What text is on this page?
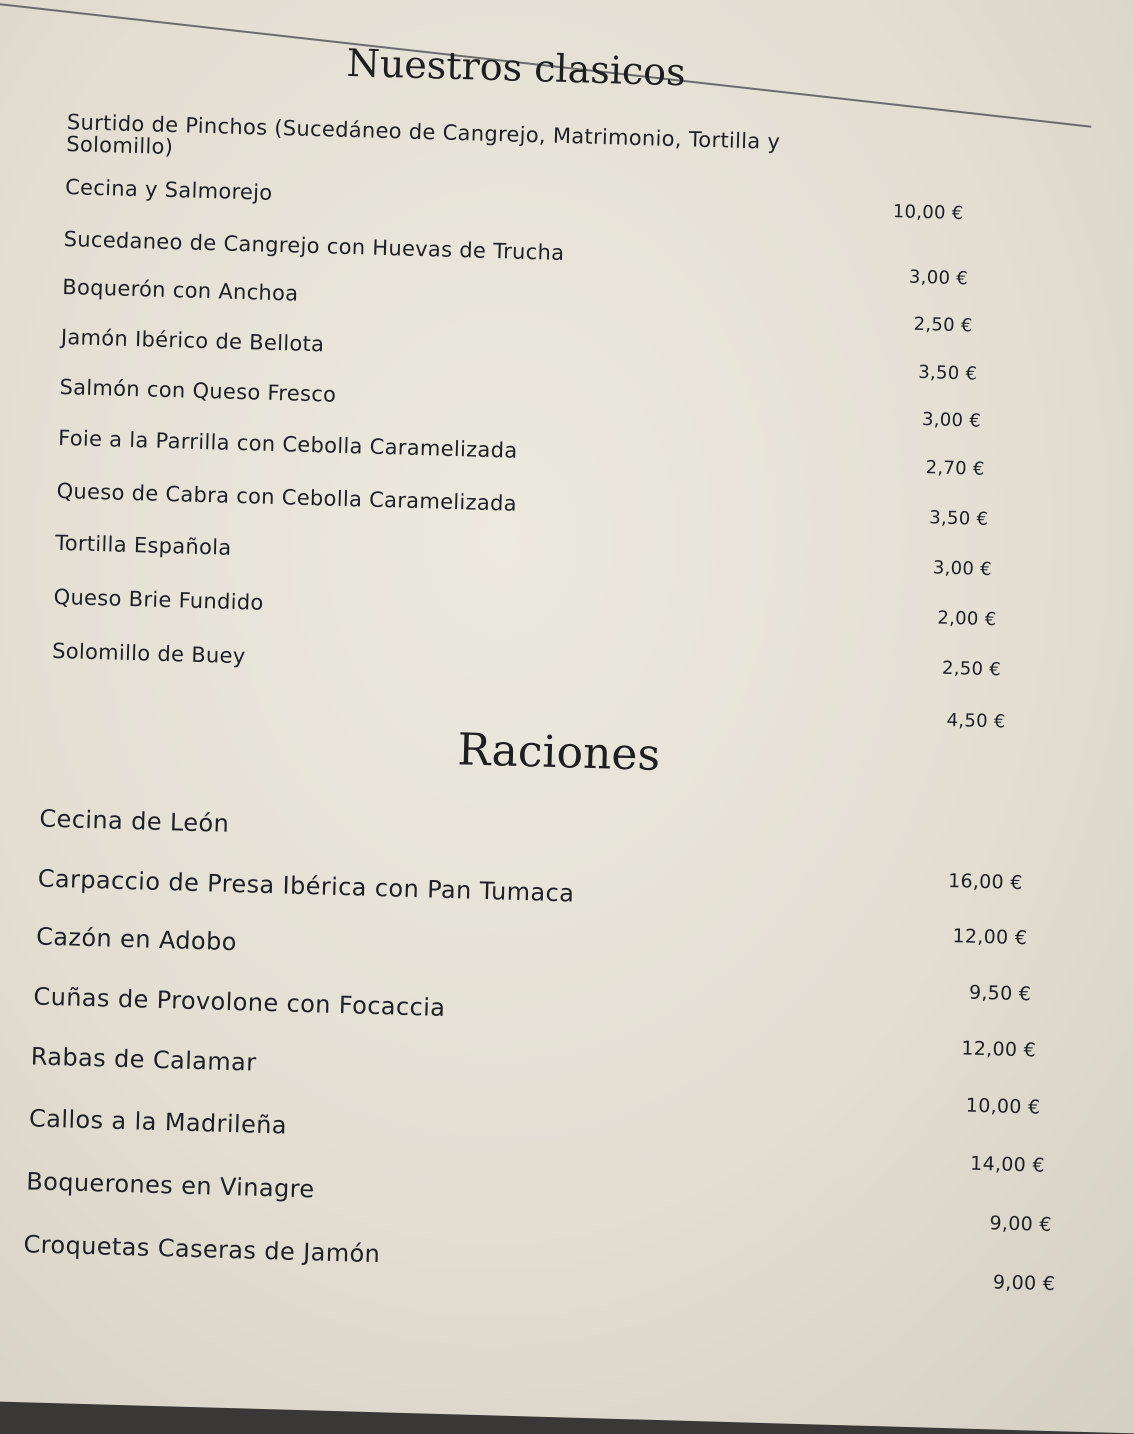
Nuestros clasicos
Surtido de Pinchos (Sucedáneo de Cangrejo, Matrimonio, Tortilla y Solomillo)
Cecina y Salmorejo
Sucedaneo de Cangrejo con Huevas de Trucha
Boquerón con Anchoa
Jamón Ibérico de Bellota
Salmón con Queso Fresco
Foie a la Parrilla con Cebolla Caramelizada
Queso de Cabra con Cebolla Caramelizada
Tortilla Española
Queso Brie Fundido
Solomillo de Buey
10,00 €
3,00 €
2,50 €
3,50 €
3,00 €
2,70 €
3,50 €
3,00 €
2,00 €
2,50 €
4,50 €
Raciones
Cecina de León
Carpaccio de Presa Ibérica con Pan Tumaca
Cazón en Adobo
Cuñas de Provolone con Focaccia
Rabas de Calamar
Callos a la Madrileña
Boquerones en Vinagre
Croquetas Caseras de Jamón
16,00 €
12,00 €
9,50 €
12,00 €
10,00 €
14,00 €
9,00 €
9,00 €
